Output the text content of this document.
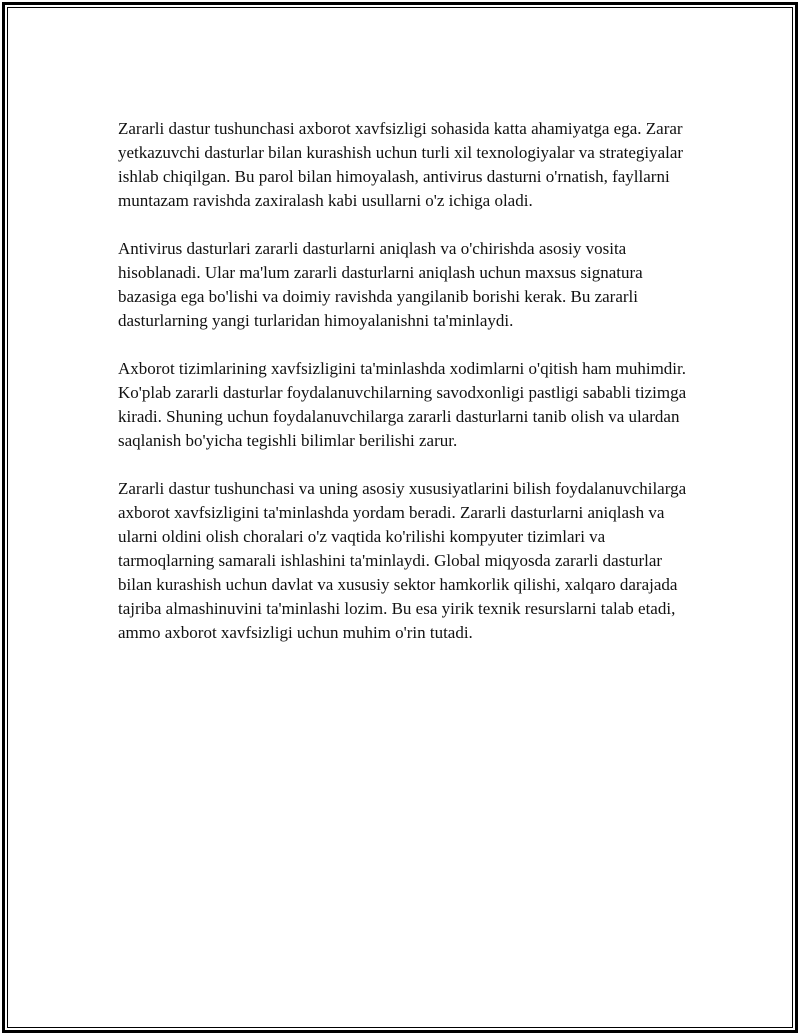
Zararli dastur tushunchasi axborot xavfsizligi sohasida katta ahamiyatga ega. Zarar yetkazuvchi dasturlar bilan kurashish uchun turli xil texnologiyalar va strategiyalar ishlab chiqilgan. Bu parol bilan himoyalash, antivirus dasturni o'rnatish, fayllarni muntazam ravishda zaxiralash kabi usullarni o'z ichiga oladi.

Antivirus dasturlari zararli dasturlarni aniqlash va o'chirishda asosiy vosita hisoblanadi. Ular ma'lum zararli dasturlarni aniqlash uchun maxsus signatura bazasiga ega bo'lishi va doimiy ravishda yangilanib borishi kerak. Bu zararli dasturlarning yangi turlaridan himoyalanishni ta'minlaydi.

Axborot tizimlarining xavfsizligini ta'minlashda xodimlarni o'qitish ham muhimdir. Ko'plab zararli dasturlar foydalanuvchilarning savodxonligi pastligi sababli tizimga kiradi. Shuning uchun foydalanuvchilarga zararli dasturlarni tanib olish va ulardan saqlanish bo'yicha tegishli bilimlar berilishi zarur.

Zararli dastur tushunchasi va uning asosiy xususiyatlarini bilish foydalanuvchilarga axborot xavfsizligini ta'minlashda yordam beradi. Zararli dasturlarni aniqlash va ularni oldini olish choralari o'z vaqtida ko'rilishi kompyuter tizimlari va tarmoqlarning samarali ishlashini ta'minlaydi. Global miqyosda zararli dasturlar bilan kurashish uchun davlat va xususiy sektor hamkorlik qilishi, xalqaro darajada tajriba almashinuvini ta'minlashi lozim. Bu esa yirik texnik resurslarni talab etadi, ammo axborot xavfsizligi uchun muhim o'rin tutadi.
